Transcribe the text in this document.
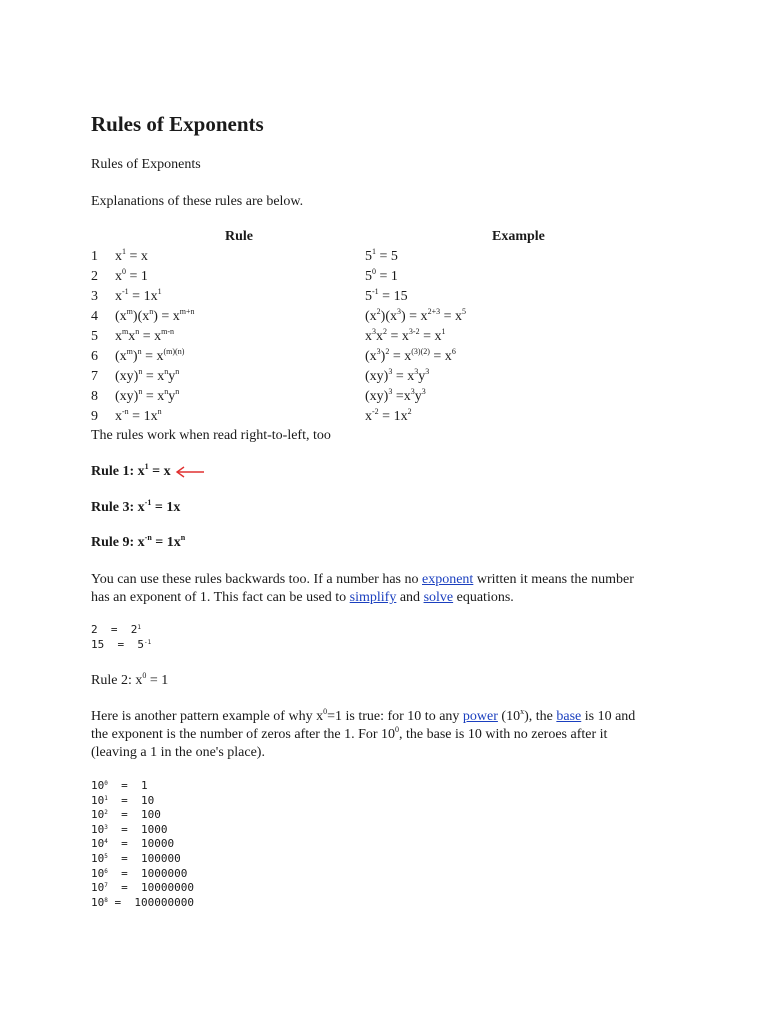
Rules of Exponents

Rules of Exponents

Explanations of these rules are below.

Rule	Example
1 $x^1 = x$	$5^1 = 5$
2 $x^0 = 1$	$5^0 = 1$
3 $x^{-1} = 1x^1$	$5^{-1} = 15$
4 $(x^m)(x^n) = x^{m+n}$	$(x^2)(x^3) = x^{2+3} = x^5$
5 $x^mx^n = x^{m-n}$	$x^3x^2 = x^{3-2} = x^1$
6 $(x^m)^n = x^{(m)(n)}$	$(x^3)^2 = x^{(3)(2)} = x^6$
7 $(xy)^n = x^ny^n$	$(xy)^3 = x^3y^3$
8 $(xy)^n = x^ny^n$	$(xy)^3 =x^3y^3$
9 $x^{-n} = 1x^n$	$x^{-2} = 1x^2$

The rules work when read right-to-left, too

Rule 1: $x^1 = x$

Rule 3: $x^{-1} = 1x$

Rule 9: $x^{-n} = 1x^n$

You can use these rules backwards too. If a number has no exponent written it means the number

has an exponent of 1. This fact can be used to simplify and solve equations.

$2 = 2^1$
$15 = 5^{-1}$

Rule 2: $x^0 = 1$

Here is another pattern example of why $x^0=1$ is true: for 10 to any power (10$^x$), the base is 10 and

the exponent is the number of zeros after the 1. For $10^0$, the base is 10 with no zeroes after it

(leaving a 1 in the one's place).

$10^0 = 1$
$10^1 = 10$
$10^2 = 100$
$10^3 = 1000$
$10^4 = 10000$
$10^5 = 100000$
$10^6 = 1000000$
$10^7 = 10000000$
$10^8 = 100000000$
